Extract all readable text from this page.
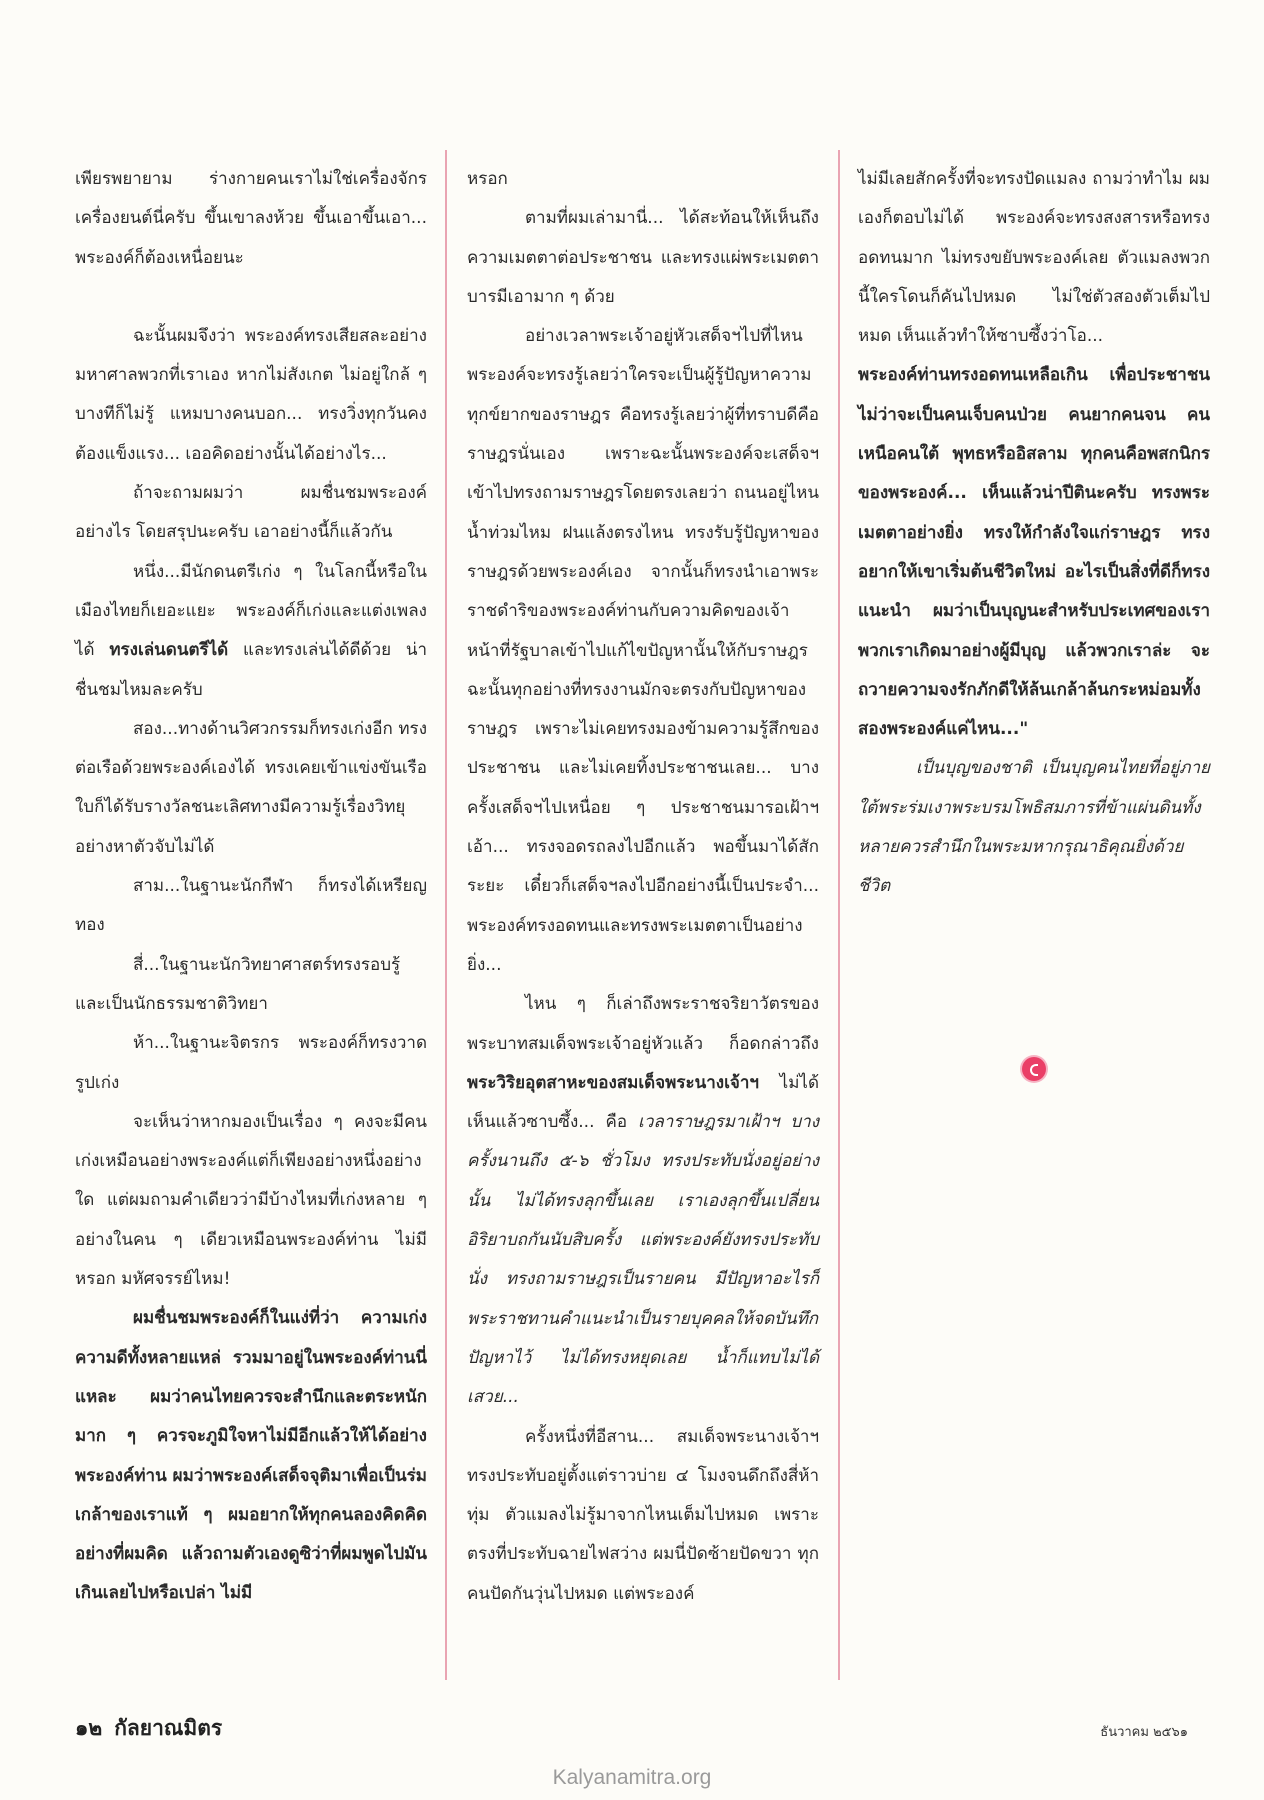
เพียรพยายาม ร่างกายคนเราไม่ใช่เครื่องจักร เครื่องยนต์นี่ครับ ขึ้นเขาลงห้วย ขึ้นเอาขึ้นเอา... พระองค์ก็ต้องเหนื่อยนะ

ฉะนั้นผมจึงว่า พระองค์ทรงเสียสละอย่างมหาศาลพวกที่เราเอง หากไม่สังเกต ไม่อยู่ใกล้ ๆ บางทีก็ไม่รู้ แหมบางคนบอก... ทรงวิ่งทุกวันคงต้องแข็งแรง... เออคิดอย่างนั้นได้อย่างไร...

ถ้าจะถามผมว่า ผมชื่นชมพระองค์อย่างไร โดยสรุปนะครับ เอาอย่างนี้ก็แล้วกัน

หนึ่ง...มีนักดนตรีเก่ง ๆ ในโลกนี้หรือในเมืองไทยก็เยอะแยะ พระองค์ก็เก่งและแต่งเพลงได้ ทรงเล่นดนตรีได้ และทรงเล่นได้ดีด้วย น่าชื่นชมไหมละครับ

สอง...ทางด้านวิศวกรรมก็ทรงเก่งอีก ทรงต่อเรือด้วยพระองค์เองได้ ทรงเคยเข้าแข่งขันเรือใบก็ได้รับรางวัลชนะเลิศทางมีความรู้เรื่องวิทยุอย่างหาตัวจับไม่ได้

สาม...ในฐานะนักกีฬา ก็ทรงได้เหรียญทอง

สี่...ในฐานะนักวิทยาศาสตร์ทรงรอบรู้และเป็นนักธรรมชาติวิทยา

ห้า...ในฐานะจิตรกร พระองค์ก็ทรงวาดรูปเก่ง

จะเห็นว่าหากมองเป็นเรื่อง ๆ คงจะมีคนเก่งเหมือนอย่างพระองค์แต่ก็เพียงอย่างหนึ่งอย่างใด แต่ผมถามคำเดียวว่ามีบ้างไหมที่เก่งหลาย ๆ อย่างในคน ๆ เดียวเหมือนพระองค์ท่าน ไม่มีหรอก มหัศจรรย์ไหม!

ผมชื่นชมพระองค์ก็ในแง่ที่ว่า ความเก่งความดีทั้งหลายแหล่ รวมมาอยู่ในพระองค์ท่านนี่แหละ ผมว่าคนไทยควรจะสำนึกและตระหนักมาก ๆ ควรจะภูมิใจหาไม่มีอีกแล้วให้ได้อย่างพระองค์ท่าน ผมว่าพระองค์เสด็จจุติมาเพื่อเป็นร่มเกล้าของเราแท้ ๆ ผมอยากให้ทุกคนลองคิดคิดอย่างที่ผมคิด แล้วถามตัวเองดูซิว่าที่ผมพูดไปมันเกินเลยไปหรือเปล่า ไม่มี

หรอก

ตามที่ผมเล่ามานี่... ได้สะท้อนให้เห็นถึงความเมตตาต่อประชาชน และทรงแผ่พระเมตตาบารมีเอามาก ๆ ด้วย

อย่างเวลาพระเจ้าอยู่หัวเสด็จฯไปที่ไหน พระองค์จะทรงรู้เลยว่าใครจะเป็นผู้รู้ปัญหาความทุกข์ยากของราษฎร คือทรงรู้เลยว่าผู้ที่ทราบดีคือราษฎรนั่นเอง เพราะฉะนั้นพระองค์จะเสด็จฯเข้าไปทรงถามราษฎรโดยตรงเลยว่า ถนนอยู่ไหน น้ำท่วมไหม ฝนแล้งตรงไหน ทรงรับรู้ปัญหาของราษฎรด้วยพระองค์เอง จากนั้นก็ทรงนำเอาพระราชดำริของพระองค์ท่านกับความคิดของเจ้าหน้าที่รัฐบาลเข้าไปแก้ไขปัญหานั้นให้กับราษฎร ฉะนั้นทุกอย่างที่ทรงงานมักจะตรงกับปัญหาของราษฎร เพราะไม่เคยทรงมองข้ามความรู้สึกของประชาชน และไม่เคยทิ้งประชาชนเลย... บางครั้งเสด็จฯไปเหนื่อย ๆ ประชาชนมารอเฝ้าฯ เอ้า... ทรงจอดรถลงไปอีกแล้ว พอขึ้นมาได้สักระยะ เดี๋ยวก็เสด็จฯลงไปอีกอย่างนี้เป็นประจำ... พระองค์ทรงอดทนและทรงพระเมตตาเป็นอย่างยิ่ง...

ไหน ๆ ก็เล่าถึงพระราชจริยาวัตรของพระบาทสมเด็จพระเจ้าอยู่หัวแล้ว ก็อดกล่าวถึง พระวิริยอุตสาหะของสมเด็จพระนางเจ้าฯ ไม่ได้ เห็นแล้วซาบซึ้ง... คือ เวลาราษฎรมาเฝ้าฯ บางครั้งนานถึง ๕-๖ ชั่วโมง ทรงประทับนั่งอยู่อย่างนั้น ไม่ได้ทรงลุกขึ้นเลย เราเองลุกขึ้นเปลี่ยนอิริยาบถกันนับสิบครั้ง แต่พระองค์ยังทรงประทับนั่ง ทรงถามราษฎรเป็นรายคน มีปัญหาอะไรก็พระราชทานคำแนะนำเป็นรายบุคคลให้จดบันทึกปัญหาไว้ ไม่ได้ทรงหยุดเลย น้ำก็แทบไม่ได้เสวย...

ครั้งหนึ่งที่อีสาน... สมเด็จพระนางเจ้าฯทรงประทับอยู่ตั้งแต่ราวบ่าย ๔ โมงจนดึกถึงสี่ห้าทุ่ม ตัวแมลงไม่รู้มาจากไหนเต็มไปหมด เพราะตรงที่ประทับฉายไฟสว่าง ผมนี่ปัดซ้ายปัดขวา ทุกคนปัดกันวุ่นไปหมด แต่พระองค์

ไม่มีเลยสักครั้งที่จะทรงปัดแมลง ถามว่าทำไม ผมเองก็ตอบไม่ได้ พระองค์จะทรงสงสารหรือทรงอดทนมาก ไม่ทรงขยับพระองค์เลย ตัวแมลงพวกนี้ใครโดนก็คันไปหมด ไม่ใช่ตัวสองตัวเต็มไปหมด เห็นแล้วทำให้ซาบซึ้งว่าโอ...

พระองค์ท่านทรงอดทนเหลือเกิน เพื่อประชาชนไม่ว่าจะเป็นคนเจ็บคนป่วย คนยากคนจน คนเหนือคนใต้ พุทธหรืออิสลาม ทุกคนคือพสกนิกรของพระองค์... เห็นแล้วน่าปีตินะครับ ทรงพระเมตตาอย่างยิ่ง ทรงให้กำลังใจแก่ราษฎร ทรงอยากให้เขาเริ่มต้นชีวิตใหม่ อะไรเป็นสิ่งที่ดีก็ทรงแนะนำ ผมว่าเป็นบุญนะสำหรับประเทศของเรา พวกเราเกิดมาอย่างผู้มีบุญ แล้วพวกเราล่ะ จะถวายความจงรักภักดีให้ล้นเกล้าล้นกระหม่อมทั้งสองพระองค์แค่ไหน..."

เป็นบุญของชาติ เป็นบุญคนไทยที่อยู่ภายใต้พระร่มเงาพระบรมโพธิสมภารที่ข้าแผ่นดินทั้งหลายควรสำนึกในพระมหากรุณาธิคุณยิ่งด้วยชีวิต

๑๒ กัลยาณมิตร	ธันวาคม ๒๕๖๑
Kalyanamitra.org
